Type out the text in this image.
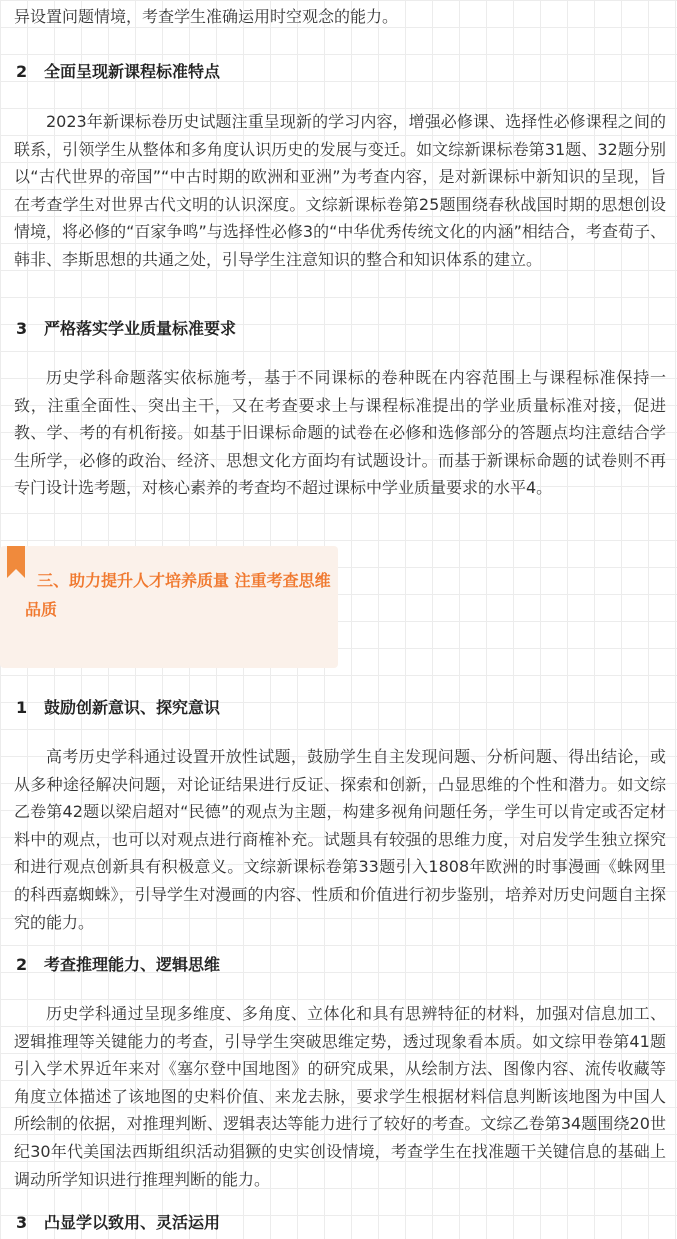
异设置问题情境，考查学生准确运用时空观念的能力。
2 全面呈现新课程标准特点
2023年新课标卷历史试题注重呈现新的学习内容，增强必修课、选择性必修课程之间的联系，引领学生从整体和多角度认识历史的发展与变迁。如文综新课标卷第31题、32题分别以“古代世界的帝国”“中古时期的欧洲和亚洲”为考查内容，是对新课标中新知识的呈现，旨在考查学生对世界古代文明的认识深度。文综新课标卷第25题围绕春秋战国时期的思想创设情境，将必修的“百家争鸣”与选择性必修3的“中华优秀传统文化的内涵”相结合，考查荀子、韩非、李斯思想的共通之处，引导学生注意知识的整合和知识体系的建立。
3 严格落实学业质量标准要求
历史学科命题落实依标施考，基于不同课标的卷种既在内容范围上与课程标准保持一致，注重全面性、突出主干，又在考查要求上与课程标准提出的学业质量标准对接，促进教、学、考的有机衔接。如基于旧课标命题的试卷在必修和选修部分的答题点均注意结合学生所学，必修的政治、经济、思想文化方面均有试题设计。而基于新课标命题的试卷则不再专门设计选考题，对核心素养的考查均不超过课标中学业质量要求的水平4。
三、助力提升人才培养质量 注重考查思维品质
1 鼓励创新意识、探究意识
高考历史学科通过设置开放性试题，鼓励学生自主发现问题、分析问题、得出结论，或从多种途径解决问题，对论证结果进行反证、探索和创新，凸显思维的个性和潜力。如文综乙卷第42题以梁启超对“民德”的观点为主题，构建多视角问题任务，学生可以肯定或否定材料中的观点，也可以对观点进行商榷补充。试题具有较强的思维力度，对启发学生独立探究和进行观点创新具有积极意义。文综新课标卷第33题引入1808年欧洲的时事漫画《蛛网里的科西嘉蜘蛛》，引导学生对漫画的内容、性质和价值进行初步鉴别，培养对历史问题自主探究的能力。
2 考查推理能力、逻辑思维
历史学科通过呈现多维度、多角度、立体化和具有思辨特征的材料，加强对信息加工、逻辑推理等关键能力的考查，引导学生突破思维定势，透过现象看本质。如文综甲卷第41题引入学术界近年来对《塞尔登中国地图》的研究成果，从绘制方法、图像内容、流传收藏等角度立体描述了该地图的史料价值、来龙去脉，要求学生根据材料信息判断该地图为中国人所绘制的依据，对推理判断、逻辑表达等能力进行了较好的考查。文综乙卷第34题围绕20世纪30年代美国法西斯组织活动猖獗的史实创设情境，考查学生在找准题干关键信息的基础上调动所学知识进行推理判断的能力。
3 凸显学以致用、灵活运用
